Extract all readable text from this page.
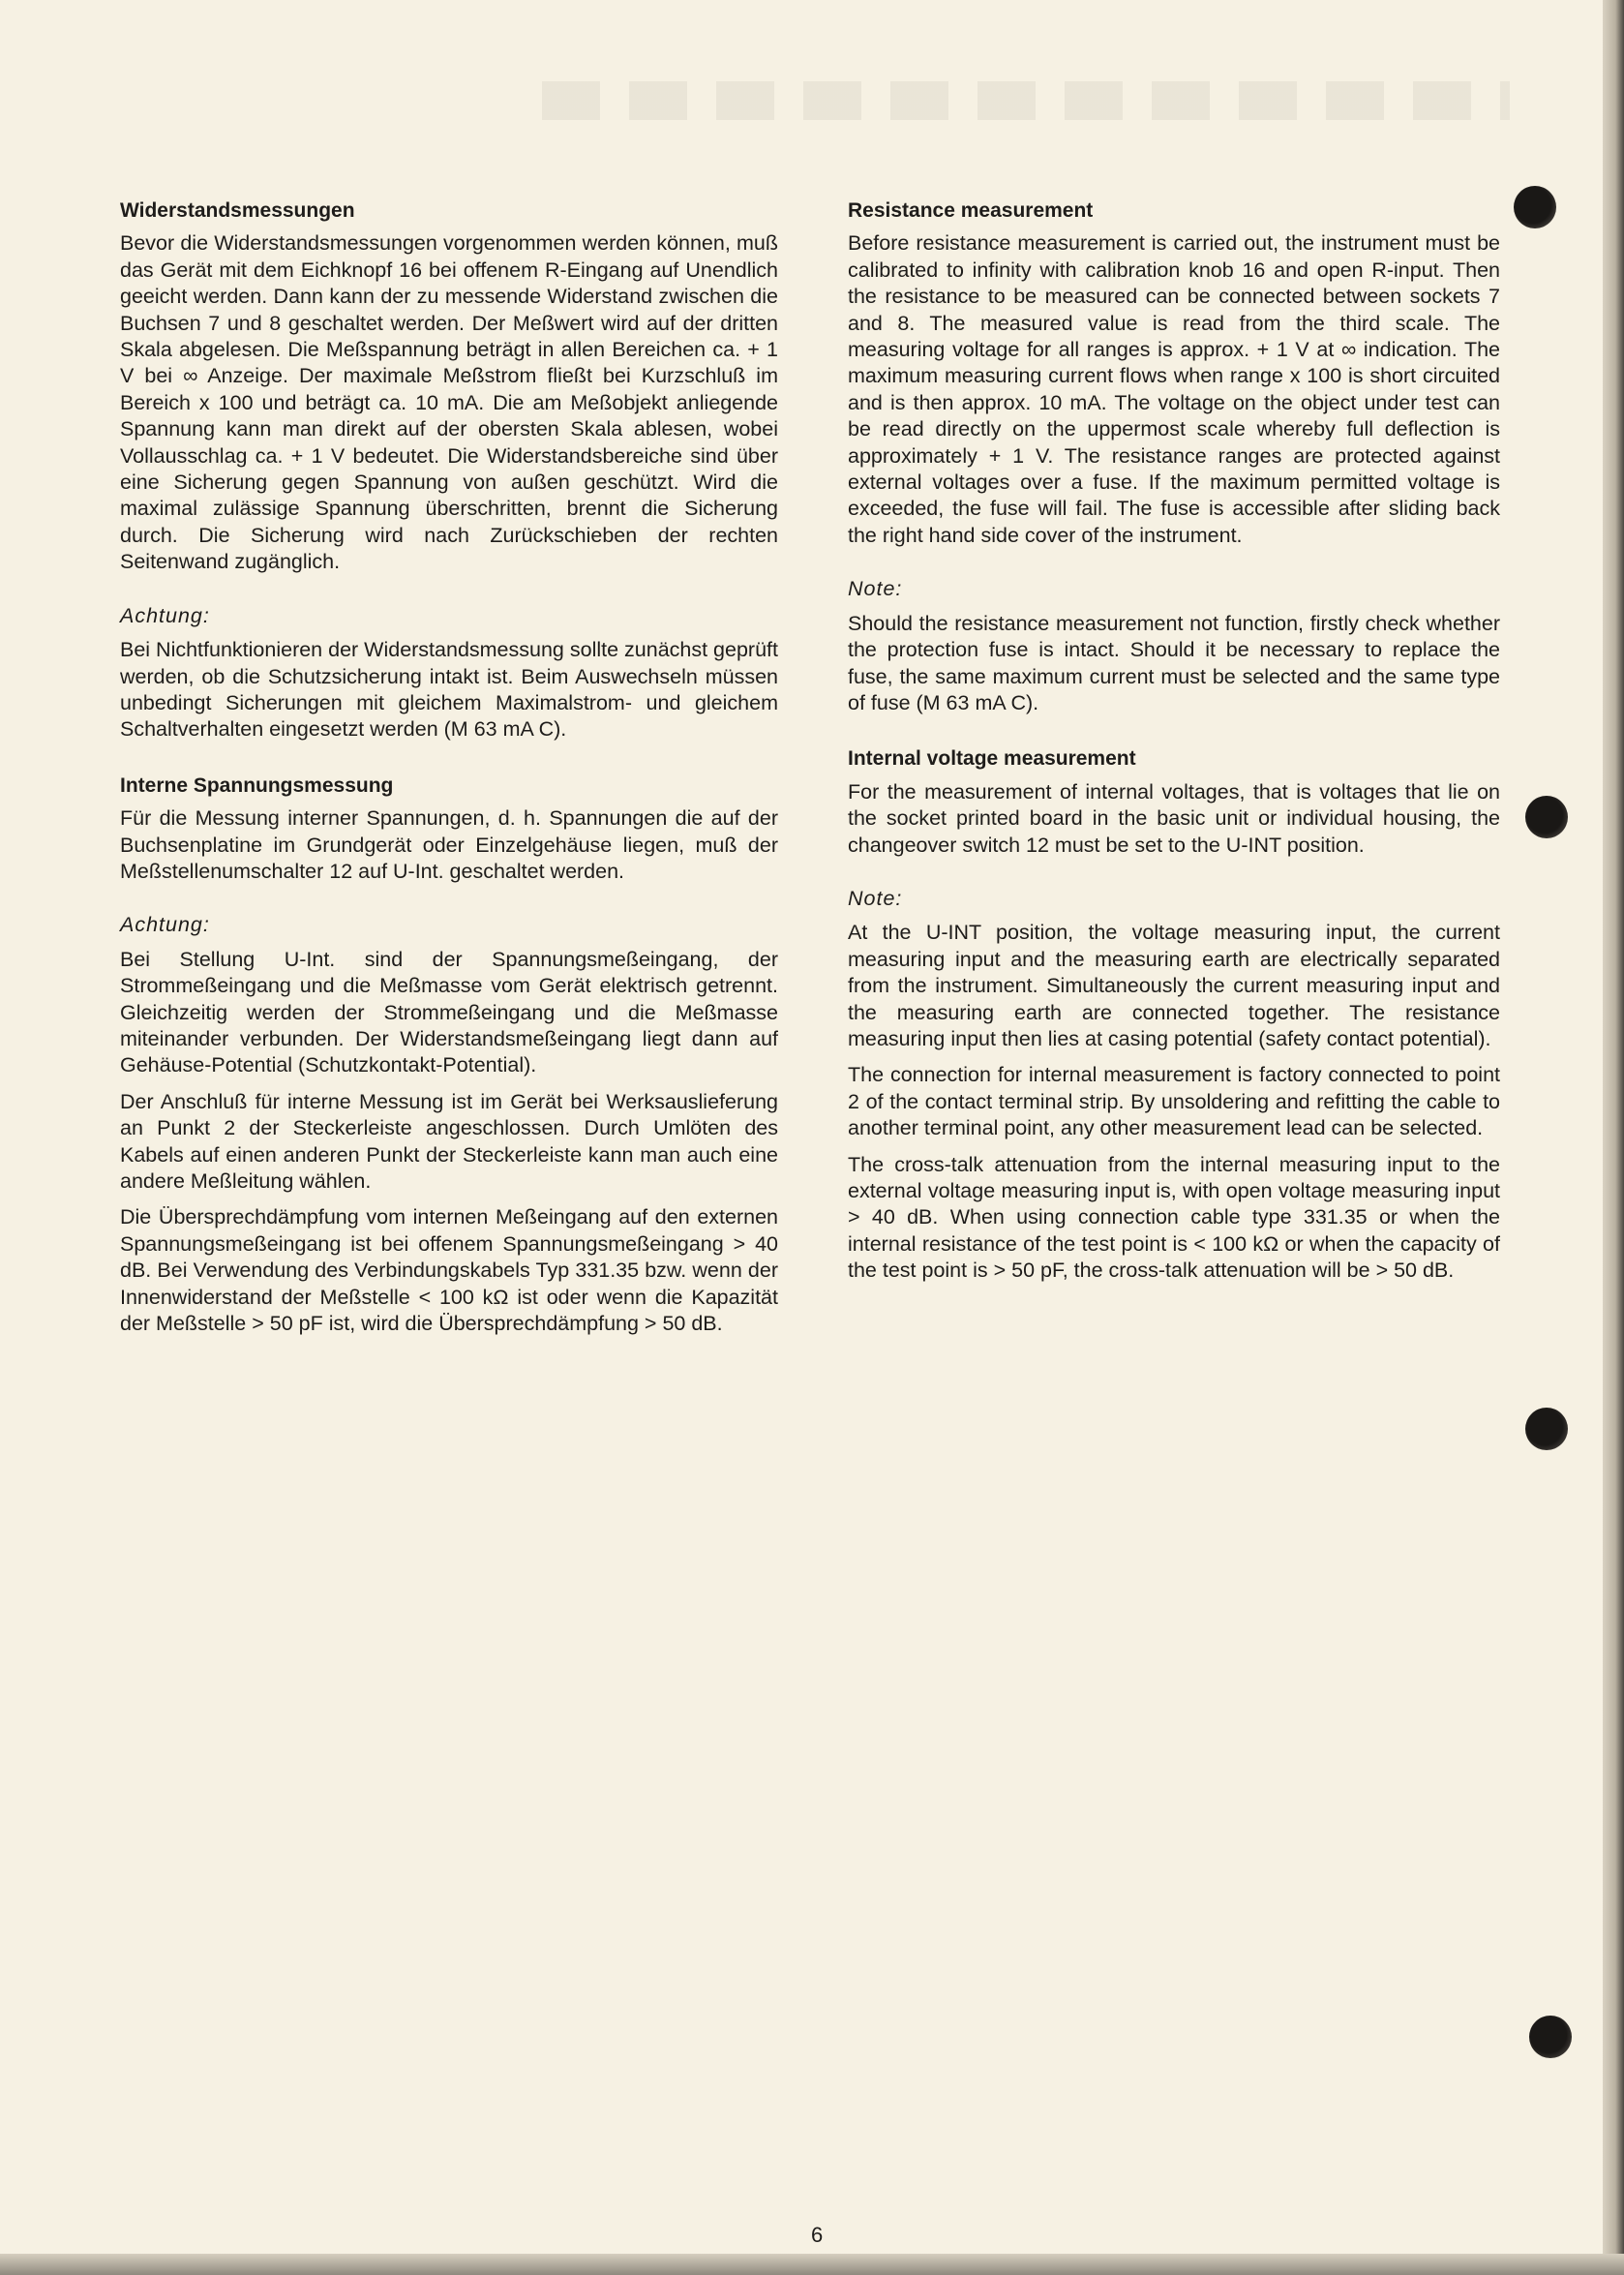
Widerstandsmessungen

Bevor die Widerstandsmessungen vorgenommen werden können, muß das Gerät mit dem Eichknopf 16 bei offenem R-Eingang auf Unendlich geeicht werden. Dann kann der zu messende Widerstand zwischen die Buchsen 7 und 8 geschaltet werden. Der Meßwert wird auf der dritten Skala abgelesen. Die Meßspannung beträgt in allen Bereichen ca. + 1 V bei ∞ Anzeige. Der maximale Meßstrom fließt bei Kurzschluß im Bereich x 100 und beträgt ca. 10 mA. Die am Meßobjekt anliegende Spannung kann man direkt auf der obersten Skala ablesen, wobei Vollausschlag ca. + 1 V bedeutet. Die Widerstandsbereiche sind über eine Sicherung gegen Spannung von außen geschützt. Wird die maximal zulässige Spannung überschritten, brennt die Sicherung durch. Die Sicherung wird nach Zurückschieben der rechten Seitenwand zugänglich.

Achtung:

Bei Nichtfunktionieren der Widerstandsmessung sollte zunächst geprüft werden, ob die Schutzsicherung intakt ist. Beim Auswechseln müssen unbedingt Sicherungen mit gleichem Maximalstrom- und gleichem Schaltverhalten eingesetzt werden (M 63 mA C).

Interne Spannungsmessung

Für die Messung interner Spannungen, d. h. Spannungen die auf der Buchsenplatine im Grundgerät oder Einzelgehäuse liegen, muß der Meßstellenumschalter 12 auf U-Int. geschaltet werden.

Achtung:

Bei Stellung U-Int. sind der Spannungsmeßeingang, der Strommeßeingang und die Meßmasse vom Gerät elektrisch getrennt. Gleichzeitig werden der Strommeßeingang und die Meßmasse miteinander verbunden. Der Widerstandsmeßeingang liegt dann auf Gehäuse-Potential (Schutzkontakt-Potential).

Der Anschluß für interne Messung ist im Gerät bei Werksauslieferung an Punkt 2 der Steckerleiste angeschlossen. Durch Umlöten des Kabels auf einen anderen Punkt der Steckerleiste kann man auch eine andere Meßleitung wählen.

Die Übersprechdämpfung vom internen Meßeingang auf den externen Spannungsmeßeingang ist bei offenem Spannungsmeßeingang > 40 dB. Bei Verwendung des Verbindungskabels Typ 331.35 bzw. wenn der Innenwiderstand der Meßstelle < 100 kΩ ist oder wenn die Kapazität der Meßstelle > 50 pF ist, wird die Übersprechdämpfung > 50 dB.

Resistance measurement

Before resistance measurement is carried out, the instrument must be calibrated to infinity with calibration knob 16 and open R-input. Then the resistance to be measured can be connected between sockets 7 and 8. The measured value is read from the third scale. The measuring voltage for all ranges is approx. + 1 V at ∞ indication. The maximum measuring current flows when range x 100 is short circuited and is then approx. 10 mA. The voltage on the object under test can be read directly on the uppermost scale whereby full deflection is approximately + 1 V. The resistance ranges are protected against external voltages over a fuse. If the maximum permitted voltage is exceeded, the fuse will fail. The fuse is accessible after sliding back the right hand side cover of the instrument.

Note:

Should the resistance measurement not function, firstly check whether the protection fuse is intact. Should it be necessary to replace the fuse, the same maximum current must be selected and the same type of fuse (M 63 mA C).

Internal voltage measurement

For the measurement of internal voltages, that is voltages that lie on the socket printed board in the basic unit or individual housing, the changeover switch 12 must be set to the U-INT position.

Note:

At the U-INT position, the voltage measuring input, the current measuring input and the measuring earth are electrically separated from the instrument. Simultaneously the current measuring input and the measuring earth are connected together. The resistance measuring input then lies at casing potential (safety contact potential).

The connection for internal measurement is factory connected to point 2 of the contact terminal strip. By unsoldering and refitting the cable to another terminal point, any other measurement lead can be selected.

The cross-talk attenuation from the internal measuring input to the external voltage measuring input is, with open voltage measuring input > 40 dB. When using connection cable type 331.35 or when the internal resistance of the test point is < 100 kΩ or when the capacity of the test point is > 50 pF, the cross-talk attenuation will be > 50 dB.

6
